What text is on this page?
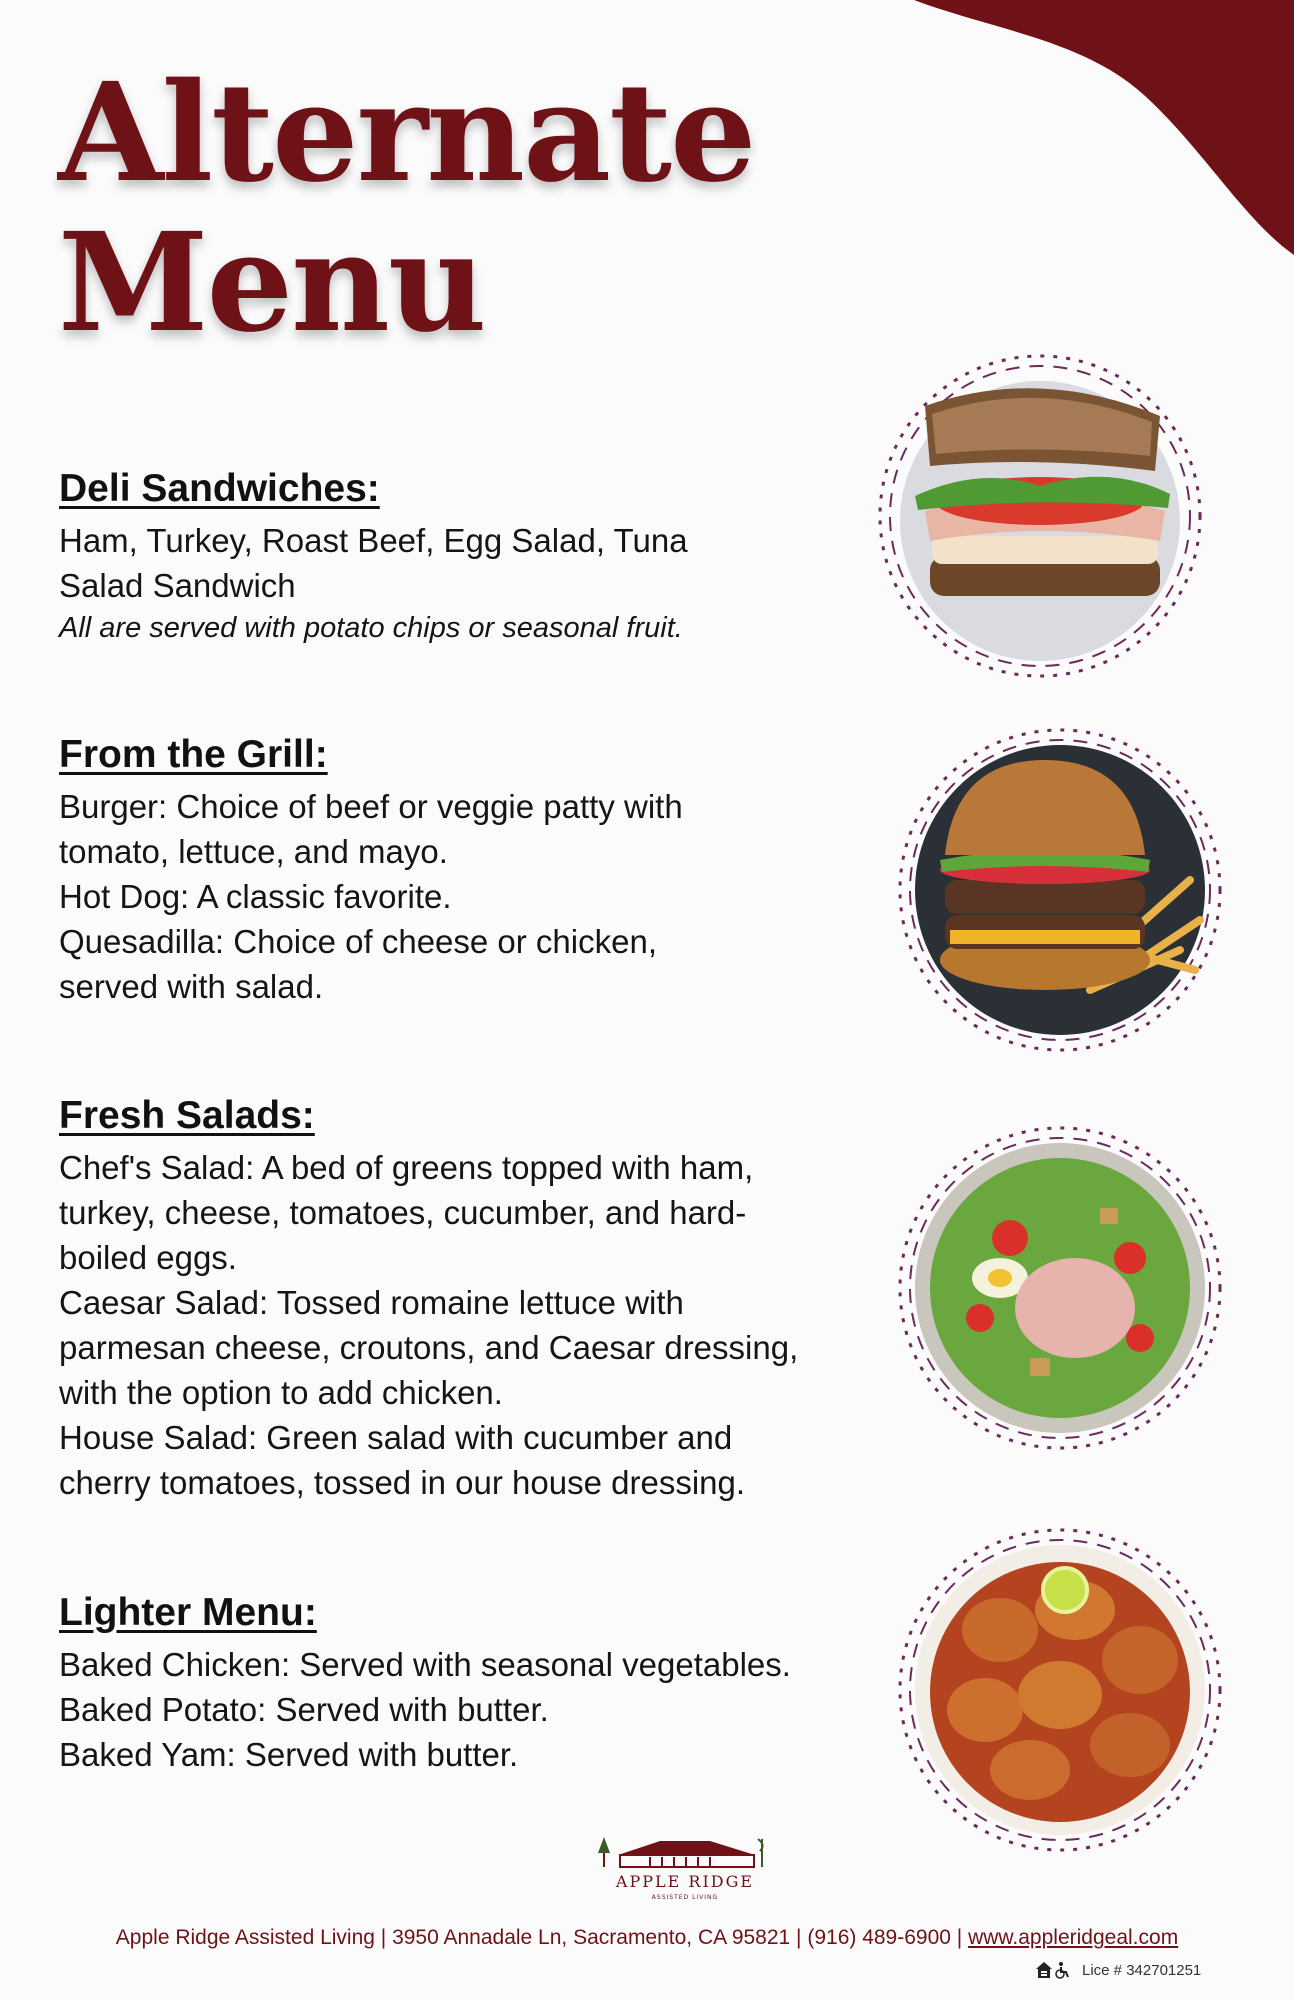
Alternate
Menu
Deli Sandwiches:

Ham, Turkey, Roast Beef, Egg Salad, Tuna

Salad Sandwich

All are served with potato chips or seasonal fruit.

From the Grill:

Burger: Choice of beef or veggie patty with

tomato, lettuce, and mayo.

Hot Dog: A classic favorite.

Quesadilla: Choice of cheese or chicken,

served with salad.

Fresh Salads:

Chef's Salad: A bed of greens topped with ham,

turkey, cheese, tomatoes, cucumber, and hard-

boiled eggs.

Caesar Salad: Tossed romaine lettuce with

parmesan cheese, croutons, and Caesar dressing,

with the option to add chicken.

House Salad: Green salad with cucumber and

cherry tomatoes, tossed in our house dressing.

Lighter Menu:

Baked Chicken: Served with seasonal vegetables.

Baked Potato: Served with butter.

Baked Yam: Served with butter.

APPLE RIDGE
ASSISTED LIVING
Apple Ridge Assisted Living | 3950 Annadale Ln, Sacramento, CA 95821 | (916) 489-6900 | www.appleridgeal.com
Lice # 342701251
